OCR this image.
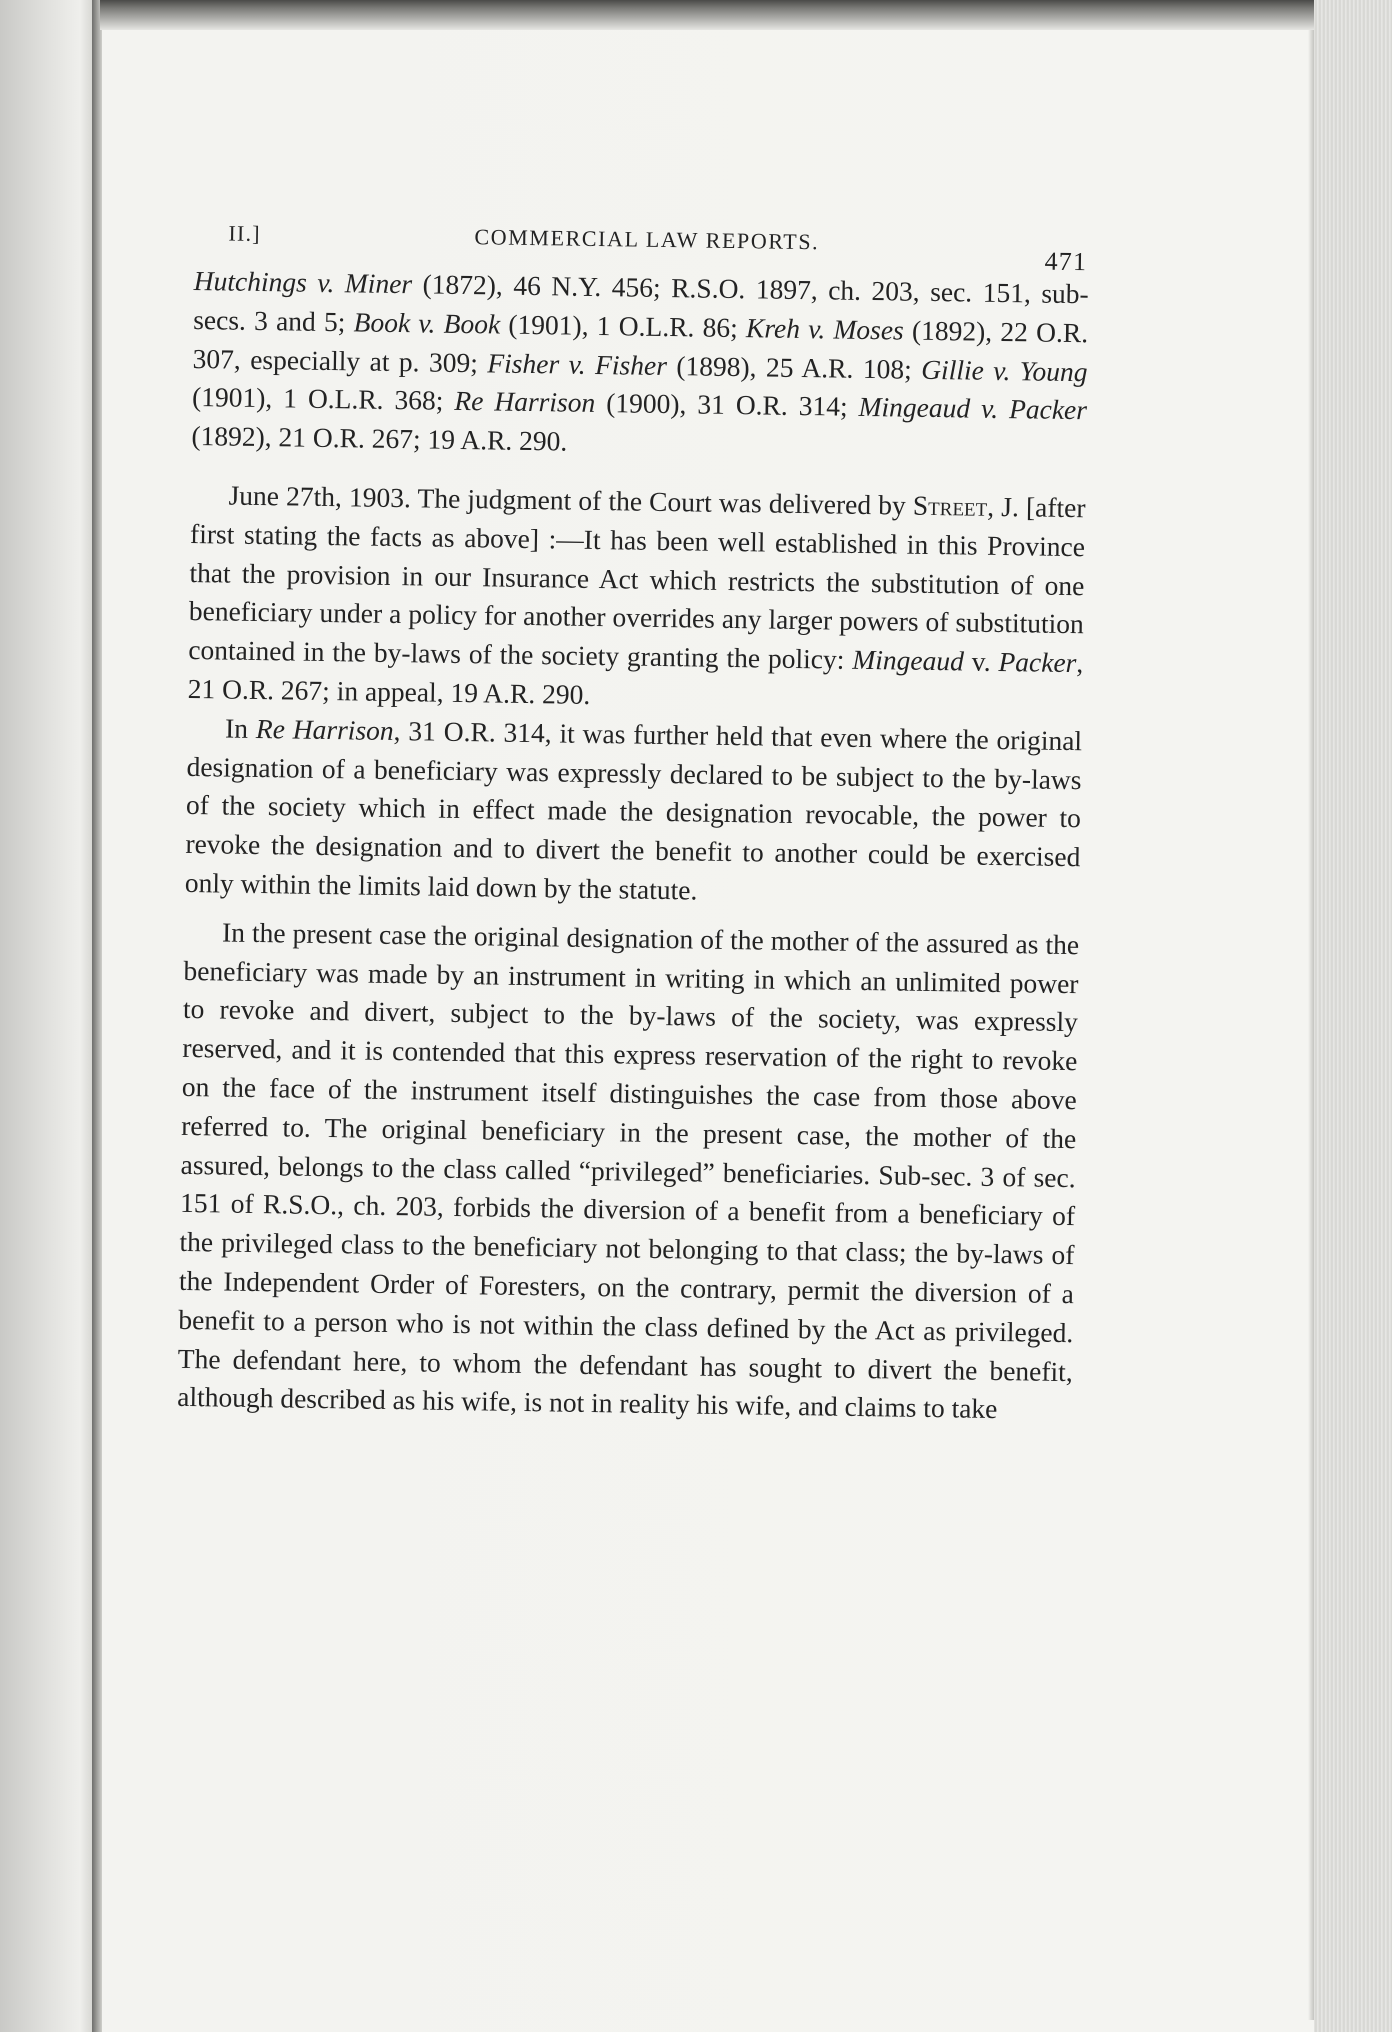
II.]	COMMERCIAL LAW REPORTS.
471

Hutchings v. Miner (1872), 46 N.Y. 456; R.S.O. 1897, ch. 203, sec. 151, sub-secs. 3 and 5; Book v. Book (1901), 1 O.L.R. 86; Kreh v. Moses (1892), 22 O.R. 307, especially at p. 309; Fisher v. Fisher (1898), 25 A.R. 108; Gillie v. Young (1901), 1 O.L.R. 368; Re Harrison (1900), 31 O.R. 314; Mingeaud v. Packer (1892), 21 O.R. 267; 19 A.R. 290.

June 27th, 1903. The judgment of the Court was delivered by Street, J. [after first stating the facts as above] :—It has been well established in this Province that the provision in our Insurance Act which restricts the substitution of one beneficiary under a policy for another overrides any larger powers of substitution contained in the by-laws of the society granting the policy: Mingeaud v. Packer, 21 O.R. 267; in appeal, 19 A.R. 290.

In Re Harrison, 31 O.R. 314, it was further held that even where the original designation of a beneficiary was expressly declared to be subject to the by-laws of the society which in effect made the designation revocable, the power to revoke the designation and to divert the benefit to another could be exercised only within the limits laid down by the statute.

In the present case the original designation of the mother of the assured as the beneficiary was made by an instrument in writing in which an unlimited power to revoke and divert, subject to the by-laws of the society, was expressly reserved, and it is contended that this express reservation of the right to revoke on the face of the instrument itself distinguishes the case from those above referred to. The original beneficiary in the present case, the mother of the assured, belongs to the class called “privileged” beneficiaries. Sub-sec. 3 of sec. 151 of R.S.O., ch. 203, forbids the diversion of a benefit from a beneficiary of the privileged class to the beneficiary not belonging to that class; the by-laws of the Independent Order of Foresters, on the contrary, permit the diversion of a benefit to a person who is not within the class defined by the Act as privileged. The defendant here, to whom the defendant has sought to divert the benefit, although described as his wife, is not in reality his wife, and claims to take
